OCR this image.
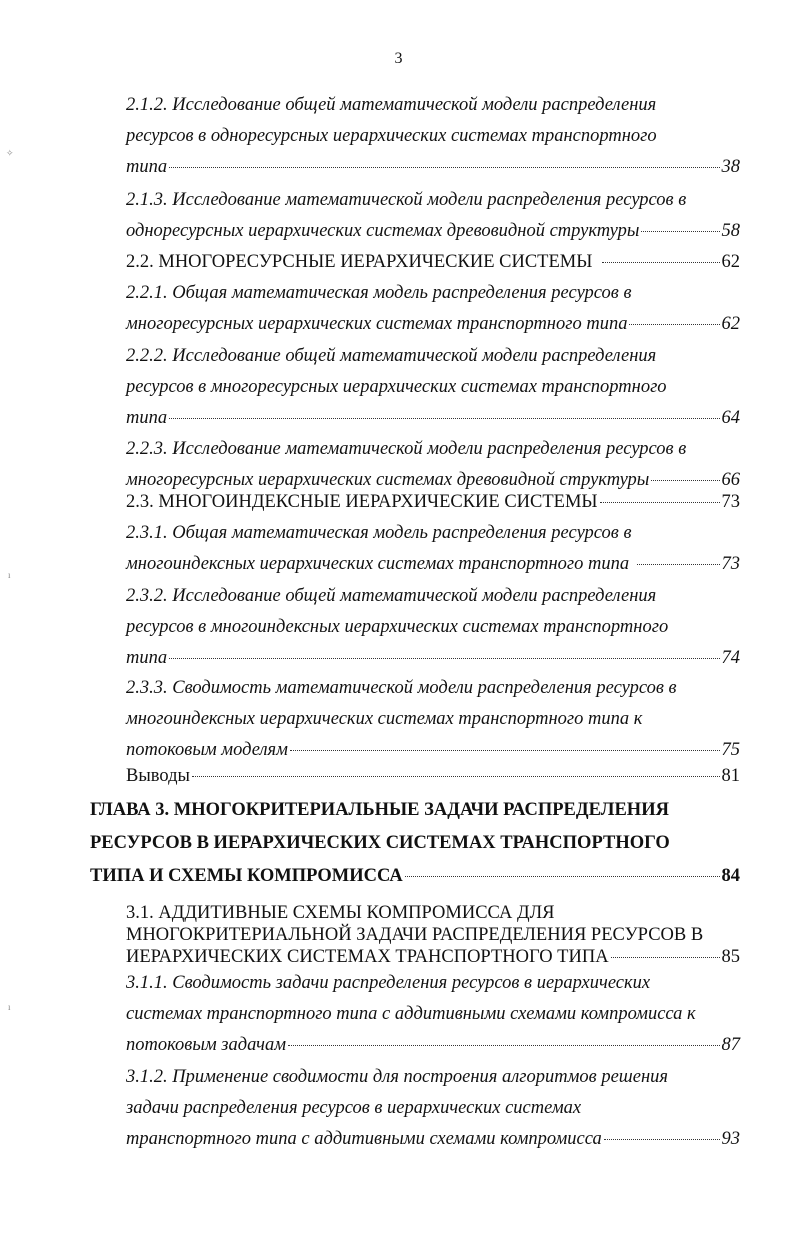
3
✧
ı
ı
2.1.2. Исследование общей математической модели распределения
ресурсов в одноресурсных иерархических системах транспортного
типа	38
2.1.3. Исследование математической модели распределения ресурсов в
одноресурсных иерархических системах древовидной структуры	58
2.2. МНОГОРЕСУРСНЫЕ ИЕРАРХИЧЕСКИЕ СИСТЕМЫ	62
2.2.1. Общая математическая модель распределения ресурсов в
многоресурсных иерархических системах транспортного типа	62
2.2.2. Исследование общей математической модели распределения
ресурсов в многоресурсных иерархических системах транспортного
типа	64
2.2.3. Исследование математической модели распределения ресурсов в
многоресурсных иерархических системах древовидной структуры	66
2.3. МНОГОИНДЕКСНЫЕ ИЕРАРХИЧЕСКИЕ СИСТЕМЫ	73
2.3.1. Общая математическая модель распределения ресурсов в
многоиндексных иерархических системах транспортного типа	73
2.3.2. Исследование общей математической модели распределения
ресурсов в многоиндексных иерархических системах транспортного
типа	74
2.3.3. Сводимость математической модели распределения ресурсов в
многоиндексных иерархических системах транспортного типа к
потоковым моделям	75
Выводы	81
ГЛАВА 3. МНОГОКРИТЕРИАЛЬНЫЕ ЗАДАЧИ РАСПРЕДЕЛЕНИЯ
РЕСУРСОВ В ИЕРАРХИЧЕСКИХ СИСТЕМАХ ТРАНСПОРТНОГО
ТИПА И СХЕМЫ КОМПРОМИССА	84
3.1. АДДИТИВНЫЕ СХЕМЫ КОМПРОМИССА ДЛЯ
МНОГОКРИТЕРИАЛЬНОЙ ЗАДАЧИ РАСПРЕДЕЛЕНИЯ РЕСУРСОВ В
ИЕРАРХИЧЕСКИХ СИСТЕМАХ ТРАНСПОРТНОГО ТИПА	85
3.1.1. Сводимость задачи распределения ресурсов в иерархических
системах транспортного типа с аддитивными схемами компромисса к
потоковым задачам	87
3.1.2. Применение сводимости для построения алгоритмов решения
задачи распределения ресурсов в иерархических системах
транспортного типа с аддитивными схемами компромисса	93
